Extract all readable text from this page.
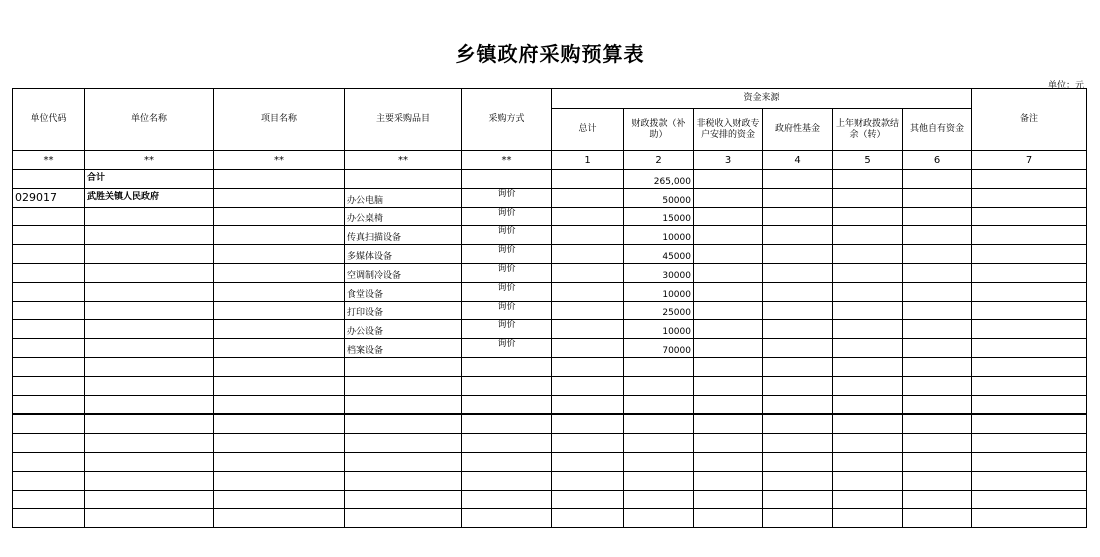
乡镇政府采购预算表
单位：元
单位代码	单位名称	项目名称	主要采购品目	采购方式	资金来源						备注
					总计	财政拨款（补助）	非税收入财政专户安排的资金	政府性基金	上年财政拨款结余（转）	其他自有资金	
**	**	**	**	**	1	2	3	4	5	6	7
	合计					265,000					
029017	武胜关镇人民政府		办公电脑	询价		50000					
			办公桌椅	询价		15000					
			传真扫描设备	询价		10000					
			多媒体设备	询价		45000					
			空调制冷设备	询价		30000					
			食堂设备	询价		10000					
			打印设备	询价		25000					
			办公设备	询价		10000					
			档案设备	询价		70000					
